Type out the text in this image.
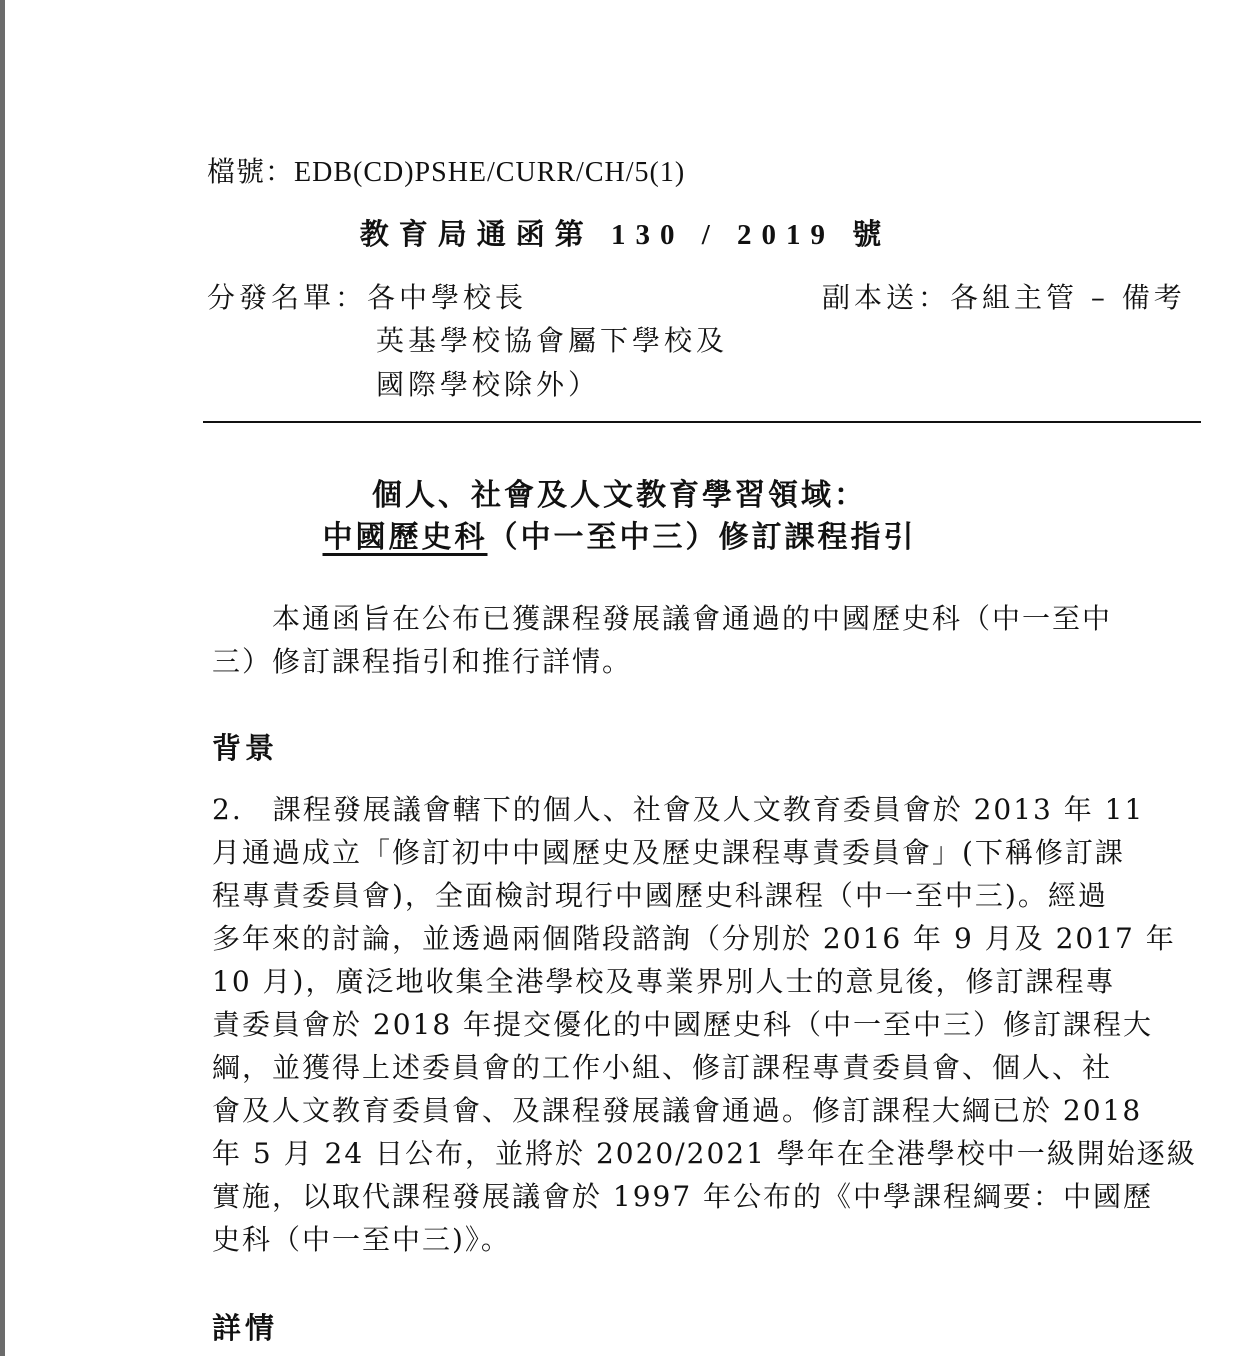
檔號：EDB(CD)PSHE/CURR/CH/5(1)
教育局通函第 130 / 2019 號
分發名單：各中學校長
英基學校協會屬下學校及
國際學校除外）
副本送：各組主管 – 備考
個人、社會及人文教育學習領域：
中國歷史科（中一至中三）修訂課程指引
　　本通函旨在公布已獲課程發展議會通過的中國歷史科（中一至中
三）修訂課程指引和推行詳情。
背景
2.　課程發展議會轄下的個人、社會及人文教育委員會於 2013 年 11
月通過成立「修訂初中中國歷史及歷史課程專責委員會」(下稱修訂課
程專責委員會)，全面檢討現行中國歷史科課程（中一至中三)。經過
多年來的討論，並透過兩個階段諮詢（分別於 2016 年 9 月及 2017 年
10 月)，廣泛地收集全港學校及專業界別人士的意見後，修訂課程專
責委員會於 2018 年提交優化的中國歷史科（中一至中三）修訂課程大
綱，並獲得上述委員會的工作小組、修訂課程專責委員會、個人、社
會及人文教育委員會、及課程發展議會通過。修訂課程大綱已於 2018
年 5 月 24 日公布，並將於 2020/2021 學年在全港學校中一級開始逐級
實施，以取代課程發展議會於 1997 年公布的《中學課程綱要：中國歷
史科（中一至中三)》。
詳情
